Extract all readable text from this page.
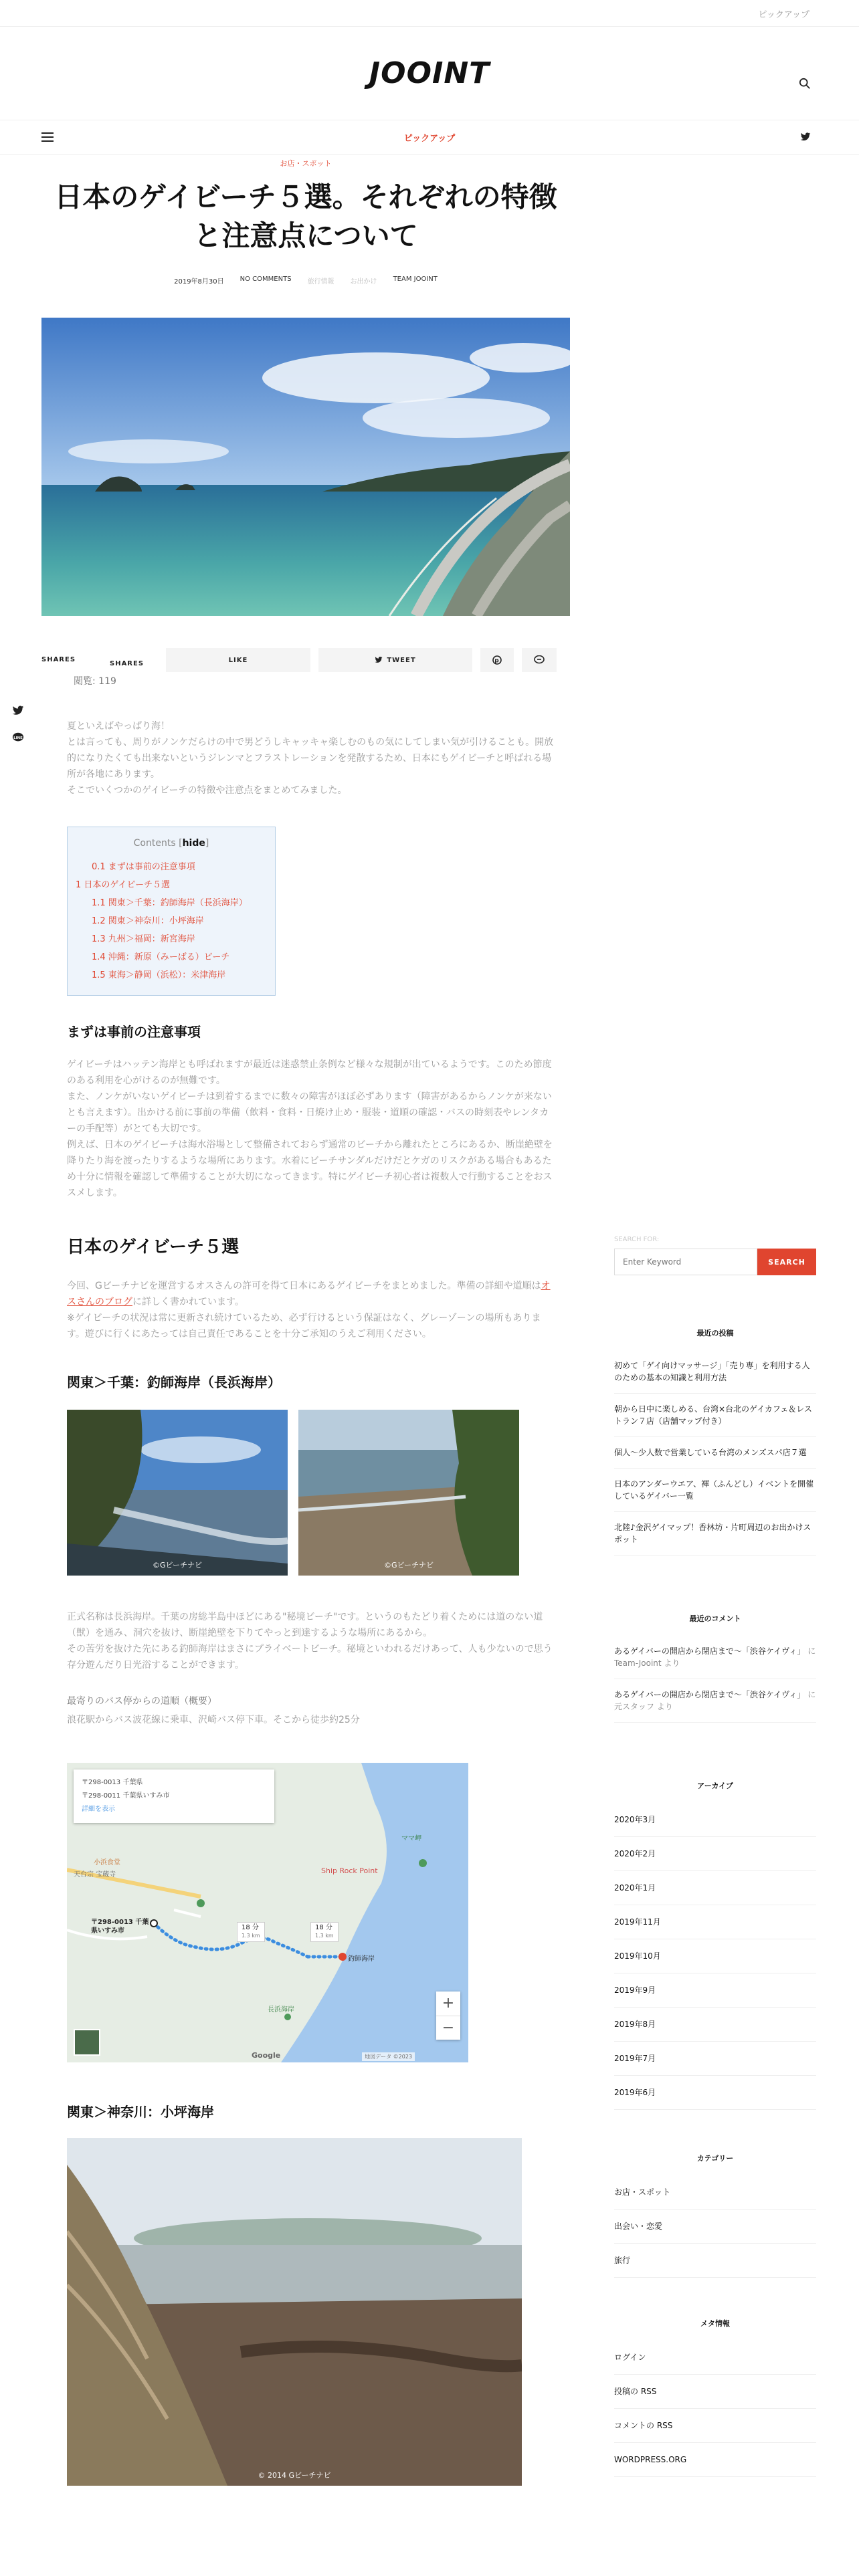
ピックアップ
JOOINT
ピックアップ
お店・スポット
日本のゲイビーチ５選。それぞれの特徴と注意点について
2019年8月30日 NO COMMENTS 旅行情報 お出かけ TEAM JOOINT
SHARES
SHARES	LIKE	TWEET	p
LINE
閲覧: 119
夏といえばやっぱり海！
とは言っても、周りがノンケだらけの中で男どうしキャッキャ楽しむのもの気にしてしまい気が引けることも。開放的になりたくても出来ないというジレンマとフラストレーションを発散するため、日本にもゲイビーチと呼ばれる場所が各地にあります。
そこでいくつかのゲイビーチの特徴や注意点をまとめてみました。
Contents [hide]
0.1 まずは事前の注意事項
1 日本のゲイビーチ５選
1.1 関東＞千葉：釣師海岸（長浜海岸）
1.2 関東＞神奈川：小坪海岸
1.3 九州＞福岡：新宮海岸
1.4 沖縄：新原（みーばる）ビーチ
1.5 東海＞静岡（浜松）：米津海岸
まずは事前の注意事項
ゲイビーチはハッテン海岸とも呼ばれますが最近は迷惑禁止条例など様々な規制が出ているようです。このため節度のある利用を心がけるのが無難です。
また、ノンケがいないゲイビーチは到着するまでに数々の障害がほぼ必ずあります（障害があるからノンケが来ないとも言えます）。出かける前に事前の準備（飲料・食料・日焼け止め・服装・道順の確認・バスの時刻表やレンタカーの手配等）がとても大切です。
例えば、日本のゲイビーチは海水浴場として整備されておらず通常のビーチから離れたところにあるか、断崖絶壁を降りたり海を渡ったりするような場所にあります。水着にビーチサンダルだけだとケガのリスクがある場合もあるため十分に情報を確認して準備することが大切になってきます。特にゲイビーチ初心者は複数人で行動することをおススメします。
日本のゲイビーチ５選
今回、Gビーチナビを運営するオスさんの許可を得て日本にあるゲイビーチをまとめました。準備の詳細や道順はオスさんのブログに詳しく書かれています。
※ゲイビーチの状況は常に更新され続けているため、必ず行けるという保証はなく、グレーゾーンの場所もあります。遊びに行くにあたっては自己責任であることを十分ご承知のうえご利用ください。
関東＞千葉：釣師海岸（長浜海岸）
©Gビーチナビ	©Gビーチナビ
正式名称は長浜海岸。千葉の房総半島中ほどにある"秘境ビーチ"です。というのもたどり着くためには道のない道（獣）を通み、洞穴を抜け、断崖絶壁を下りてやっと到達するような場所にあるから。
その苦労を抜けた先にある釣師海岸はまさにプライベートビーチ。秘境といわれるだけあって、人も少ないので思う存分遊んだり日光浴することができます。
最寄りのバス停からの道順（概要）
浪花駅からバス波花線に乗車、沢崎バス停下車。そこから徒歩約25分
〒298-0013 千葉県
〒298-0011 千葉県いすみ市
詳細を表示
小浜食堂
天台宗 宝蔵寺
ママ岬
Ship Rock Point
長浜海岸
〒298-0013 千葉県いすみ市
釣師海岸
18 分
1.3 km
18 分
1.3 km
+
−
Google	地図データ ©2023
関東＞神奈川：小坪海岸
© 2014 Gビーチナビ
SEARCH FOR:
Enter Keyword
SEARCH
最近の投稿
初めて「ゲイ向けマッサージ」「売り専」を利用する人のための基本の知識と利用方法
朝から日中に楽しめる、台湾×台北のゲイカフェ＆レストラン７店（店舗マップ付き）
個人～少人数で営業している台湾のメンズスパ店７選
日本のアンダーウエア、褌（ふんどし）イベントを開催しているゲイバー一覧
北陸♪金沢ゲイマップ！香林坊・片町周辺のお出かけスポット
最近のコメント
あるゲイバーの開店から閉店まで〜「渋谷ケイヴィ」 に Team-Jooint より
あるゲイバーの開店から閉店まで〜「渋谷ケイヴィ」 に 元スタッフ より
アーカイブ
2020年3月
2020年2月
2020年1月
2019年11月
2019年10月
2019年9月
2019年8月
2019年7月
2019年6月
カテゴリー
お店・スポット
出会い・恋愛
旅行
メタ情報
ログイン
投稿の RSS
コメントの RSS
WORDPRESS.ORG
